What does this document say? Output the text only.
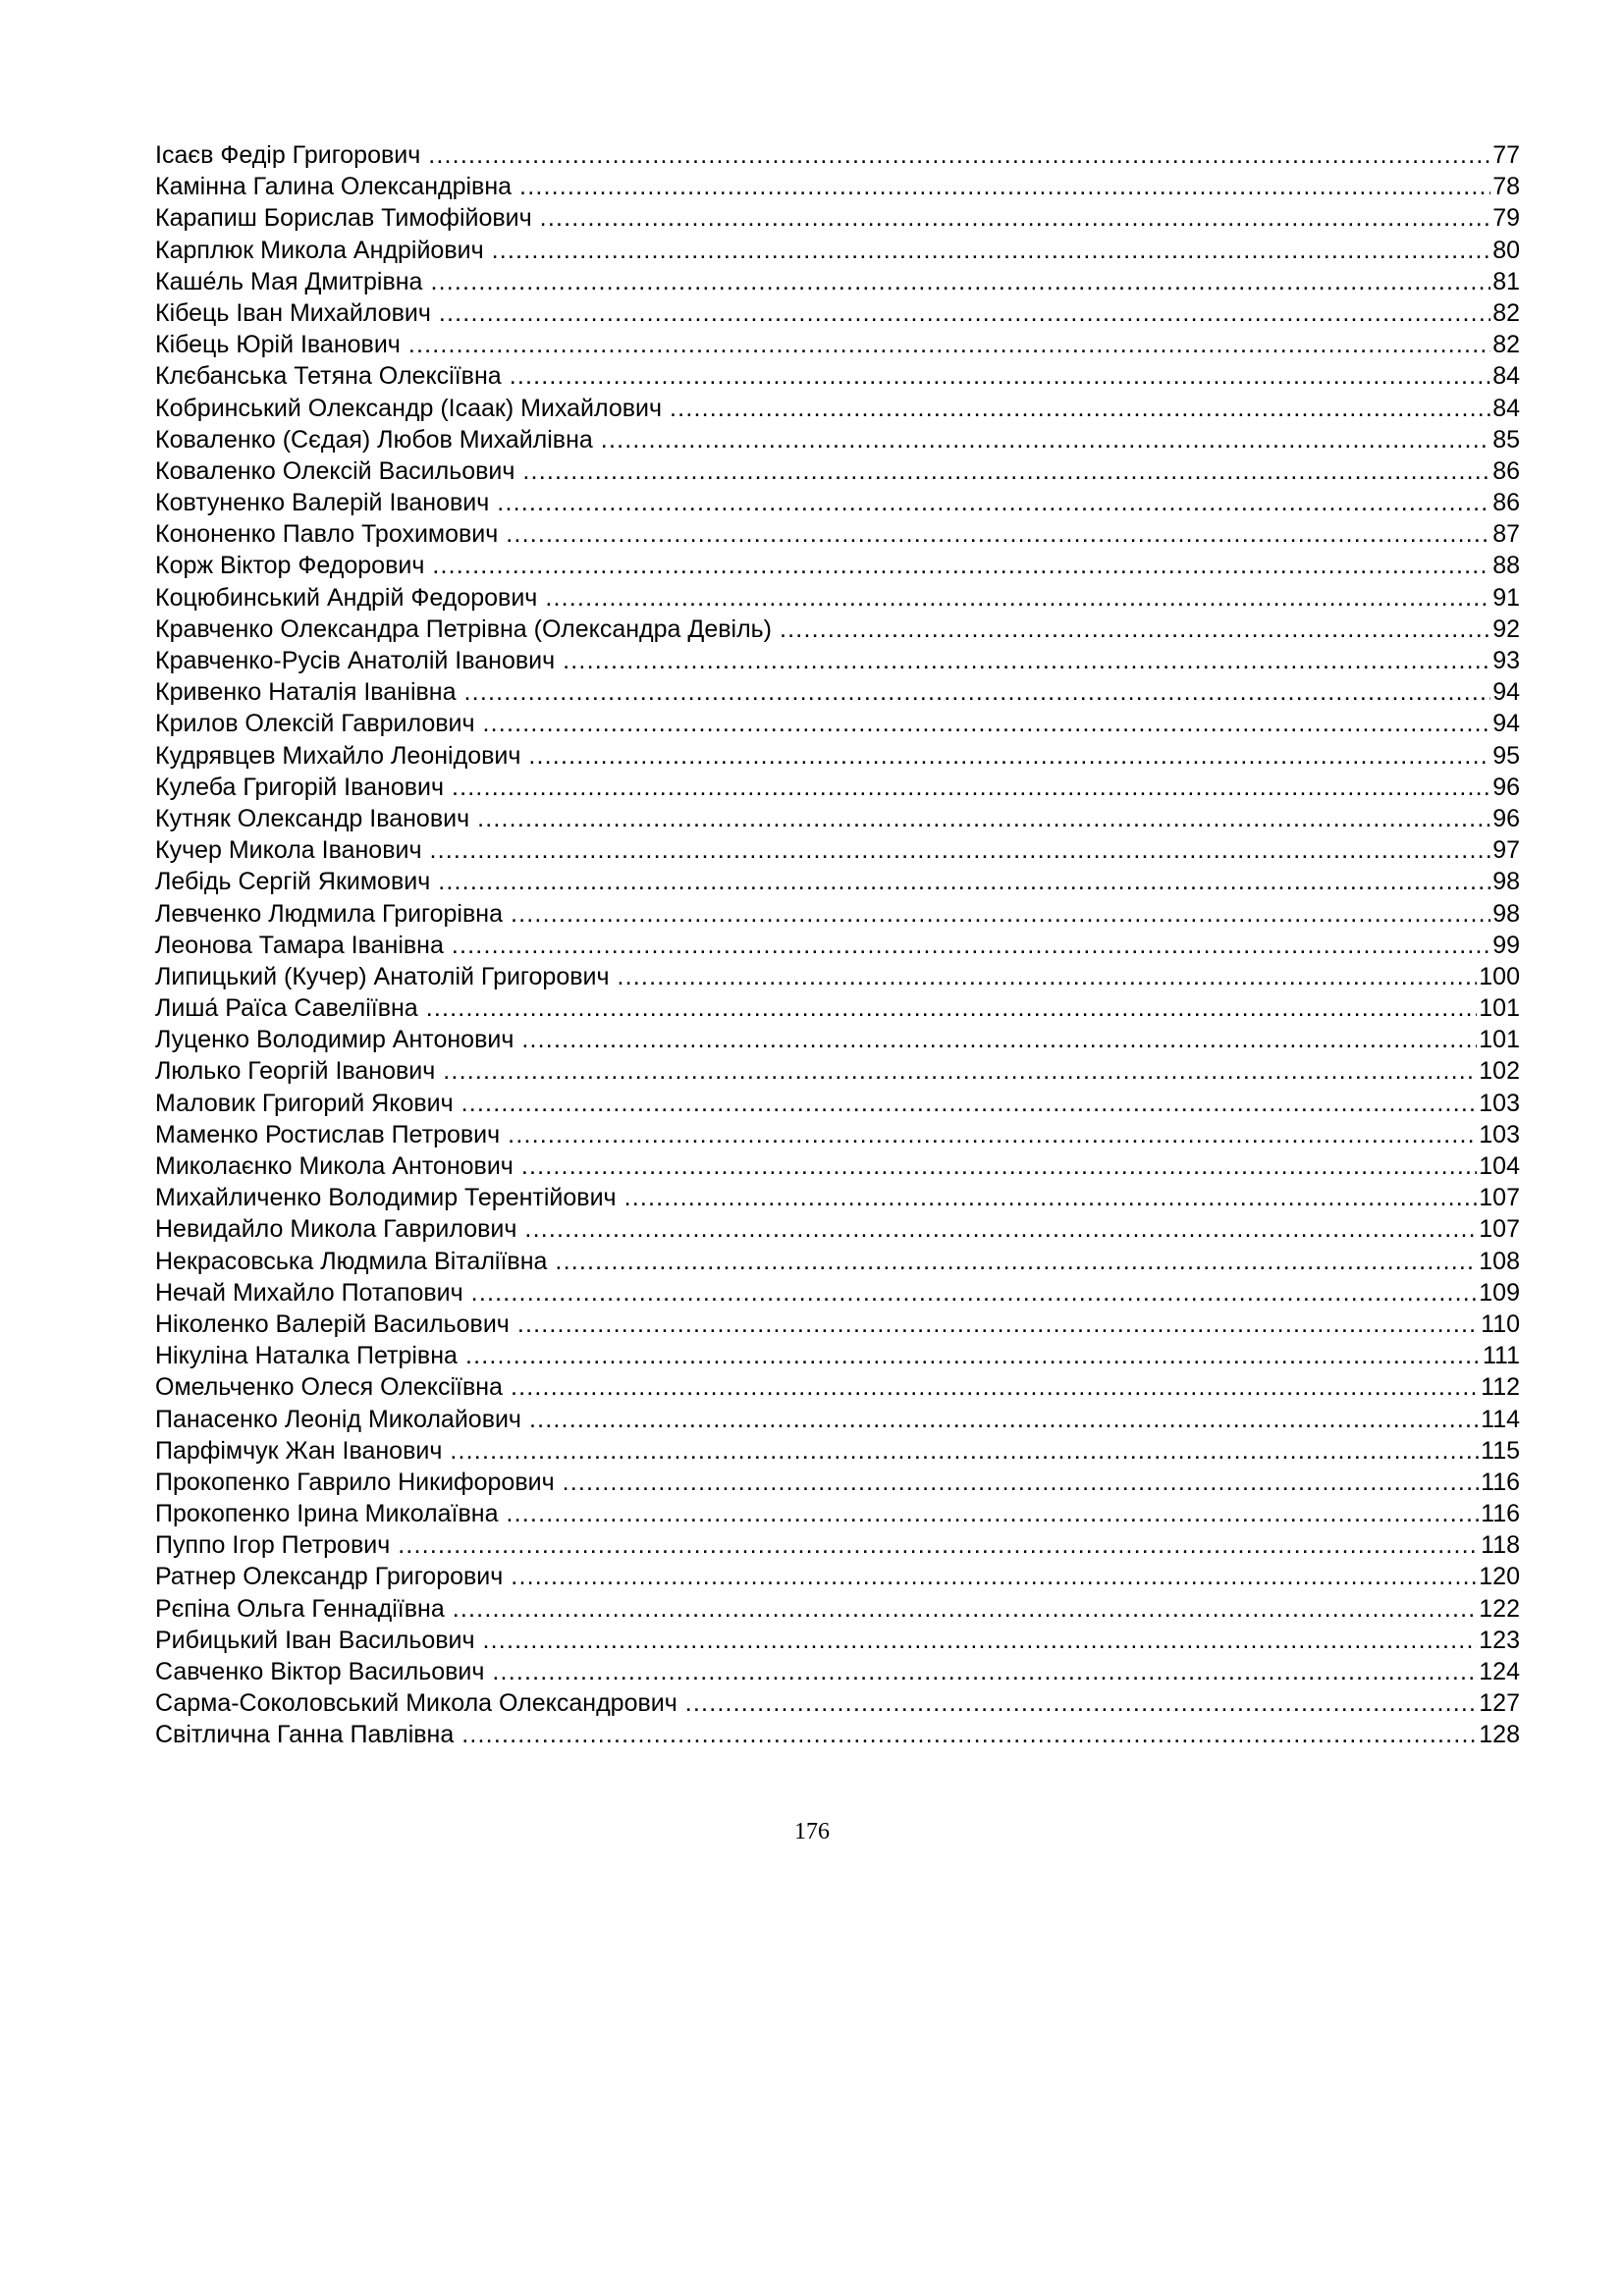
Ісаєв Федір Григорович .....	77
Камінна Галина Олександрівна .....	78
Карапиш Борислав Тимофійович .....	79
Карплюк Микола Андрійович .....	80
Каше́ль Мая Дмитрівна .....	81
Кібець Іван Михайлович .....	82
Кібець Юрій Іванович .....	82
Клєбанська Тетяна Олексіївна .....	84
Кобринський Олександр (Ісаак) Михайлович .....	84
Коваленко (Сєдая) Любов Михайлівна .....	85
Коваленко Олексій Васильович .....	86
Ковтуненко Валерій Іванович .....	86
Кононенко Павло Трохимович .....	87
Корж Віктор Федорович .....	88
Коцюбинський Андрій Федорович .....	91
Кравченко Олександра Петрівна (Олександра Девіль) .....	92
Кравченко-Русів Анатолій Іванович .....	93
Кривенко Наталія Іванівна .....	94
Крилов Олексій Гаврилович .....	94
Кудрявцев Михайло Леонідович .....	95
Кулеба Григорій Іванович .....	96
Кутняк Олександр Іванович .....	96
Кучер Микола Іванович .....	97
Лебідь Сергій Якимович .....	98
Левченко Людмила Григорівна .....	98
Леонова Тамара Іванівна .....	99
Липицький (Кучер) Анатолій Григорович .....	100
Лиша́ Раїса Савеліївна .....	101
Луценко Володимир Антонович .....	101
Люлько Георгій Іванович .....	102
Маловик Григорий Якович .....	103
Маменко Ростислав Петрович .....	103
Миколаєнко Микола Антонович .....	104
Михайличенко Володимир Терентійович .....	107
Невидайло Микола Гаврилович .....	107
Некрасовська Людмила Віталіївна .....	108
Нечай Михайло Потапович .....	109
Ніколенко Валерій Васильович .....	110
Нікуліна Наталка Петрівна .....	111
Омельченко Олеся Олексіївна .....	112
Панасенко Леонід Миколайович .....	114
Парфімчук Жан Іванович .....	115
Прокопенко Гаврило Никифорович .....	116
Прокопенко Ірина Миколаївна .....	116
Пуппо Ігор Петрович .....	118
Ратнер Олександр Григорович .....	120
Рєпіна Ольга Геннадіївна .....	122
Рибицький Іван Васильович .....	123
Савченко Віктор Васильович .....	124
Сарма-Соколовський Микола Олександрович .....	127
Світлична Ганна Павлівна .....	128
176
